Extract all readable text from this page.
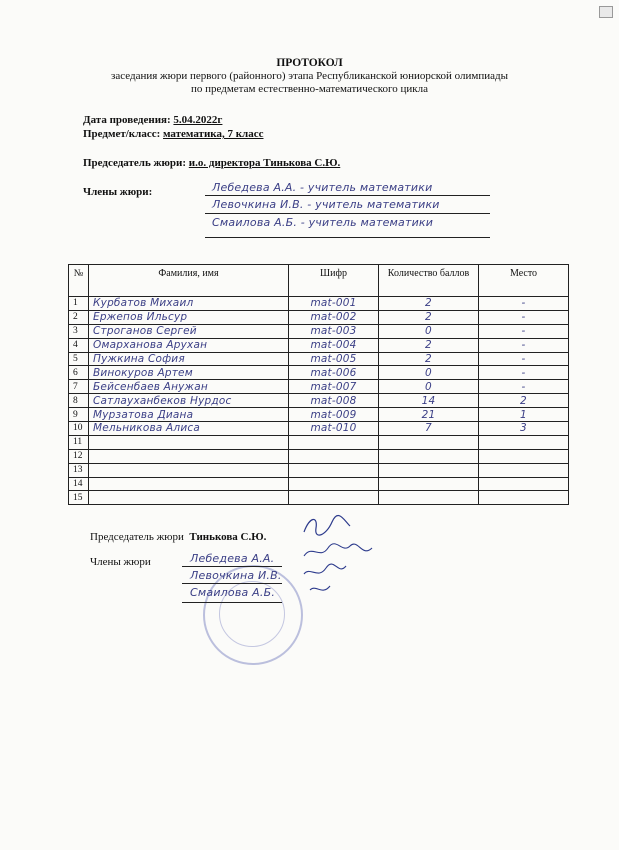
ПРОТОКОЛ
заседания жюри первого (районного) этапа Республиканской юниорской олимпиады
по предметам естественно-математического цикла
Дата проведения: 5.04.2022г
Предмет/класс: математика, 7 класс
Председатель жюри: и.о. директора Тинькова С.Ю.
Члены жюри:	Лебедева А.А. - учитель математики
Левочкина И.В. - учитель математики
Смаилова А.Б. - учитель математики
№	Фамилия, имя	Шифр	Количество баллов	Место
1	Курбатов Михаил	mat-001	2	-
2	Ержепов Ильсур	mat-002	2	-
3	Строганов Сергей	mat-003	0	-
4	Омарханова Арухан	mat-004	2	-
5	Пужкина София	mat-005	2	-
6	Винокуров Артем	mat-006	0	-
7	Бейсенбаев Анужан	mat-007	0	-
8	Сатлауханбеков Нурдос	mat-008	14	2
9	Мурзатова Диана	mat-009	21	1
10	Мельникова Алиса	mat-010	7	3
11				
12				
13				
14				
15				
Председатель жюри Тинькова С.Ю.
Члены жюри	Лебедева А.А.
Левочкина И.В.
Смаилова А.Б.
